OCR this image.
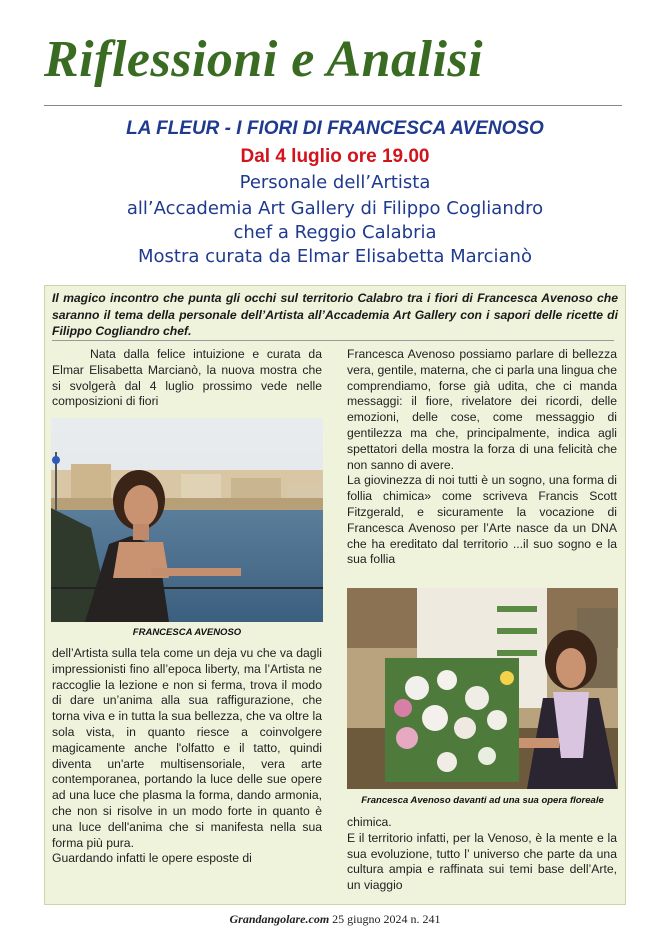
Riflessioni e Analisi
LA FLEUR - I FIORI DI FRANCESCA AVENOSO
Dal 4 luglio ore 19.00
Personale dell’Artista
all’Accademia Art Gallery di Filippo Cogliandro
chef a Reggio Calabria
Mostra curata da Elmar Elisabetta Marcianò
Il magico incontro che punta gli occhi sul territorio Calabro tra i fiori di Francesca Avenoso che saranno il tema della personale dell’Artista all’Accademia Art Gallery con i sapori delle ricette di Filippo Cogliandro chef.

Nata dalla felice intuizione e curata da Elmar Elisabetta Marcianò, la nuova mostra che si svolgerà dal 4 luglio prossimo vede nelle composizioni di fiori

FRANCESCA AVENOSO

dell’Artista sulla tela come un deja vu che va dagli impressionisti fino all’epoca liberty, ma l’Artista ne raccoglie la lezione e non si ferma, trova il modo di dare un’anima alla sua raffigurazione, che torna viva e in tutta la sua bellezza, che va oltre la sola vista, in quanto riesce a coinvolgere magicamente anche l'olfatto e il tatto, quindi diventa un'arte multisensoriale, vera arte contemporanea, portando la luce delle sue opere ad una luce che plasma la forma, dando armonia, che non si risolve in un modo forte in quanto è una luce dell'anima che si manifesta nella sua forma più pura.

Guardando infatti le opere esposte di

Francesca Avenoso possiamo parlare di bellezza vera, gentile, materna, che ci parla una lingua che comprendiamo, forse già udita, che ci manda messaggi: il fiore, rivelatore dei ricordi, delle emozioni, delle cose, come messaggio di gentilezza ma che, principalmente, indica agli spettatori della mostra la forza di una felicità che non sanno di avere.

La giovinezza di noi tutti è un sogno, una forma di follia chimica» come scriveva Francis Scott Fitzgerald, e sicuramente la vocazione di Francesca Avenoso per l’Arte nasce da un DNA che ha ereditato dal territorio ...il suo sogno e la sua follia

Francesca Avenoso davanti ad una sua opera floreale

chimica.

E il territorio infatti, per la Venoso, è la mente e la sua evoluzione, tutto l’ universo che parte da una cultura ampia e raffinata sui temi base dell’Arte, un viaggio

Grandangolare.com 25 giugno 2024 n. 241
